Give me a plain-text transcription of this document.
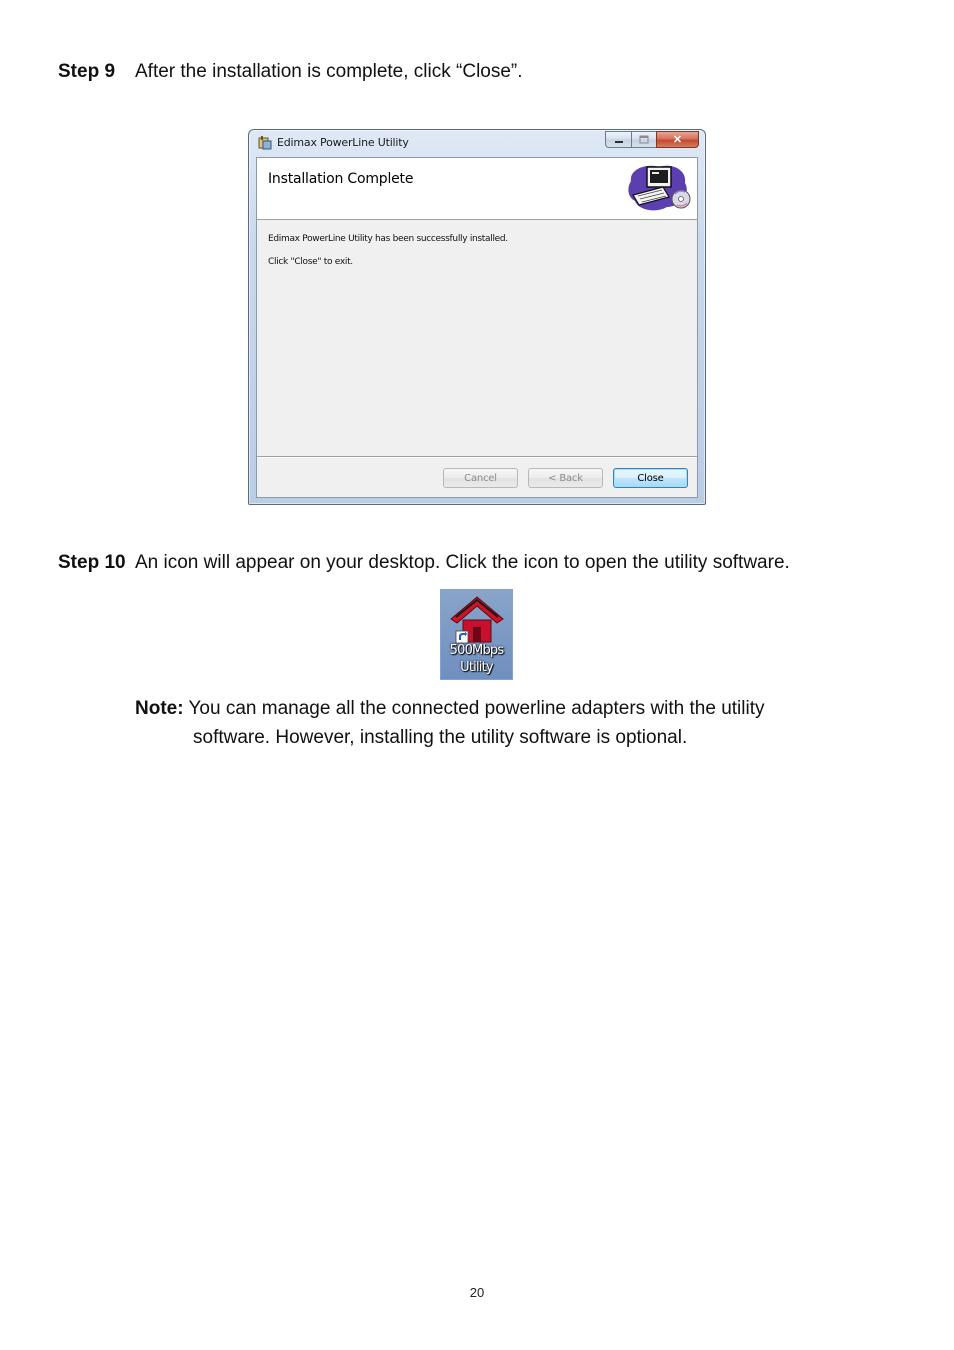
Step 9 After the installation is complete, click “Close”.
Edimax PowerLine Utility	✕
Installation Complete
Edimax PowerLine Utility has been successfully installed.
Click "Close" to exit.
Cancel	< Back	Close
Step 10 An icon will appear on your desktop. Click the icon to open the utility software.
500Mbps
Utility
Note: You can manage all the connected powerline adapters with the utility
software. However, installing the utility software is optional.
20
